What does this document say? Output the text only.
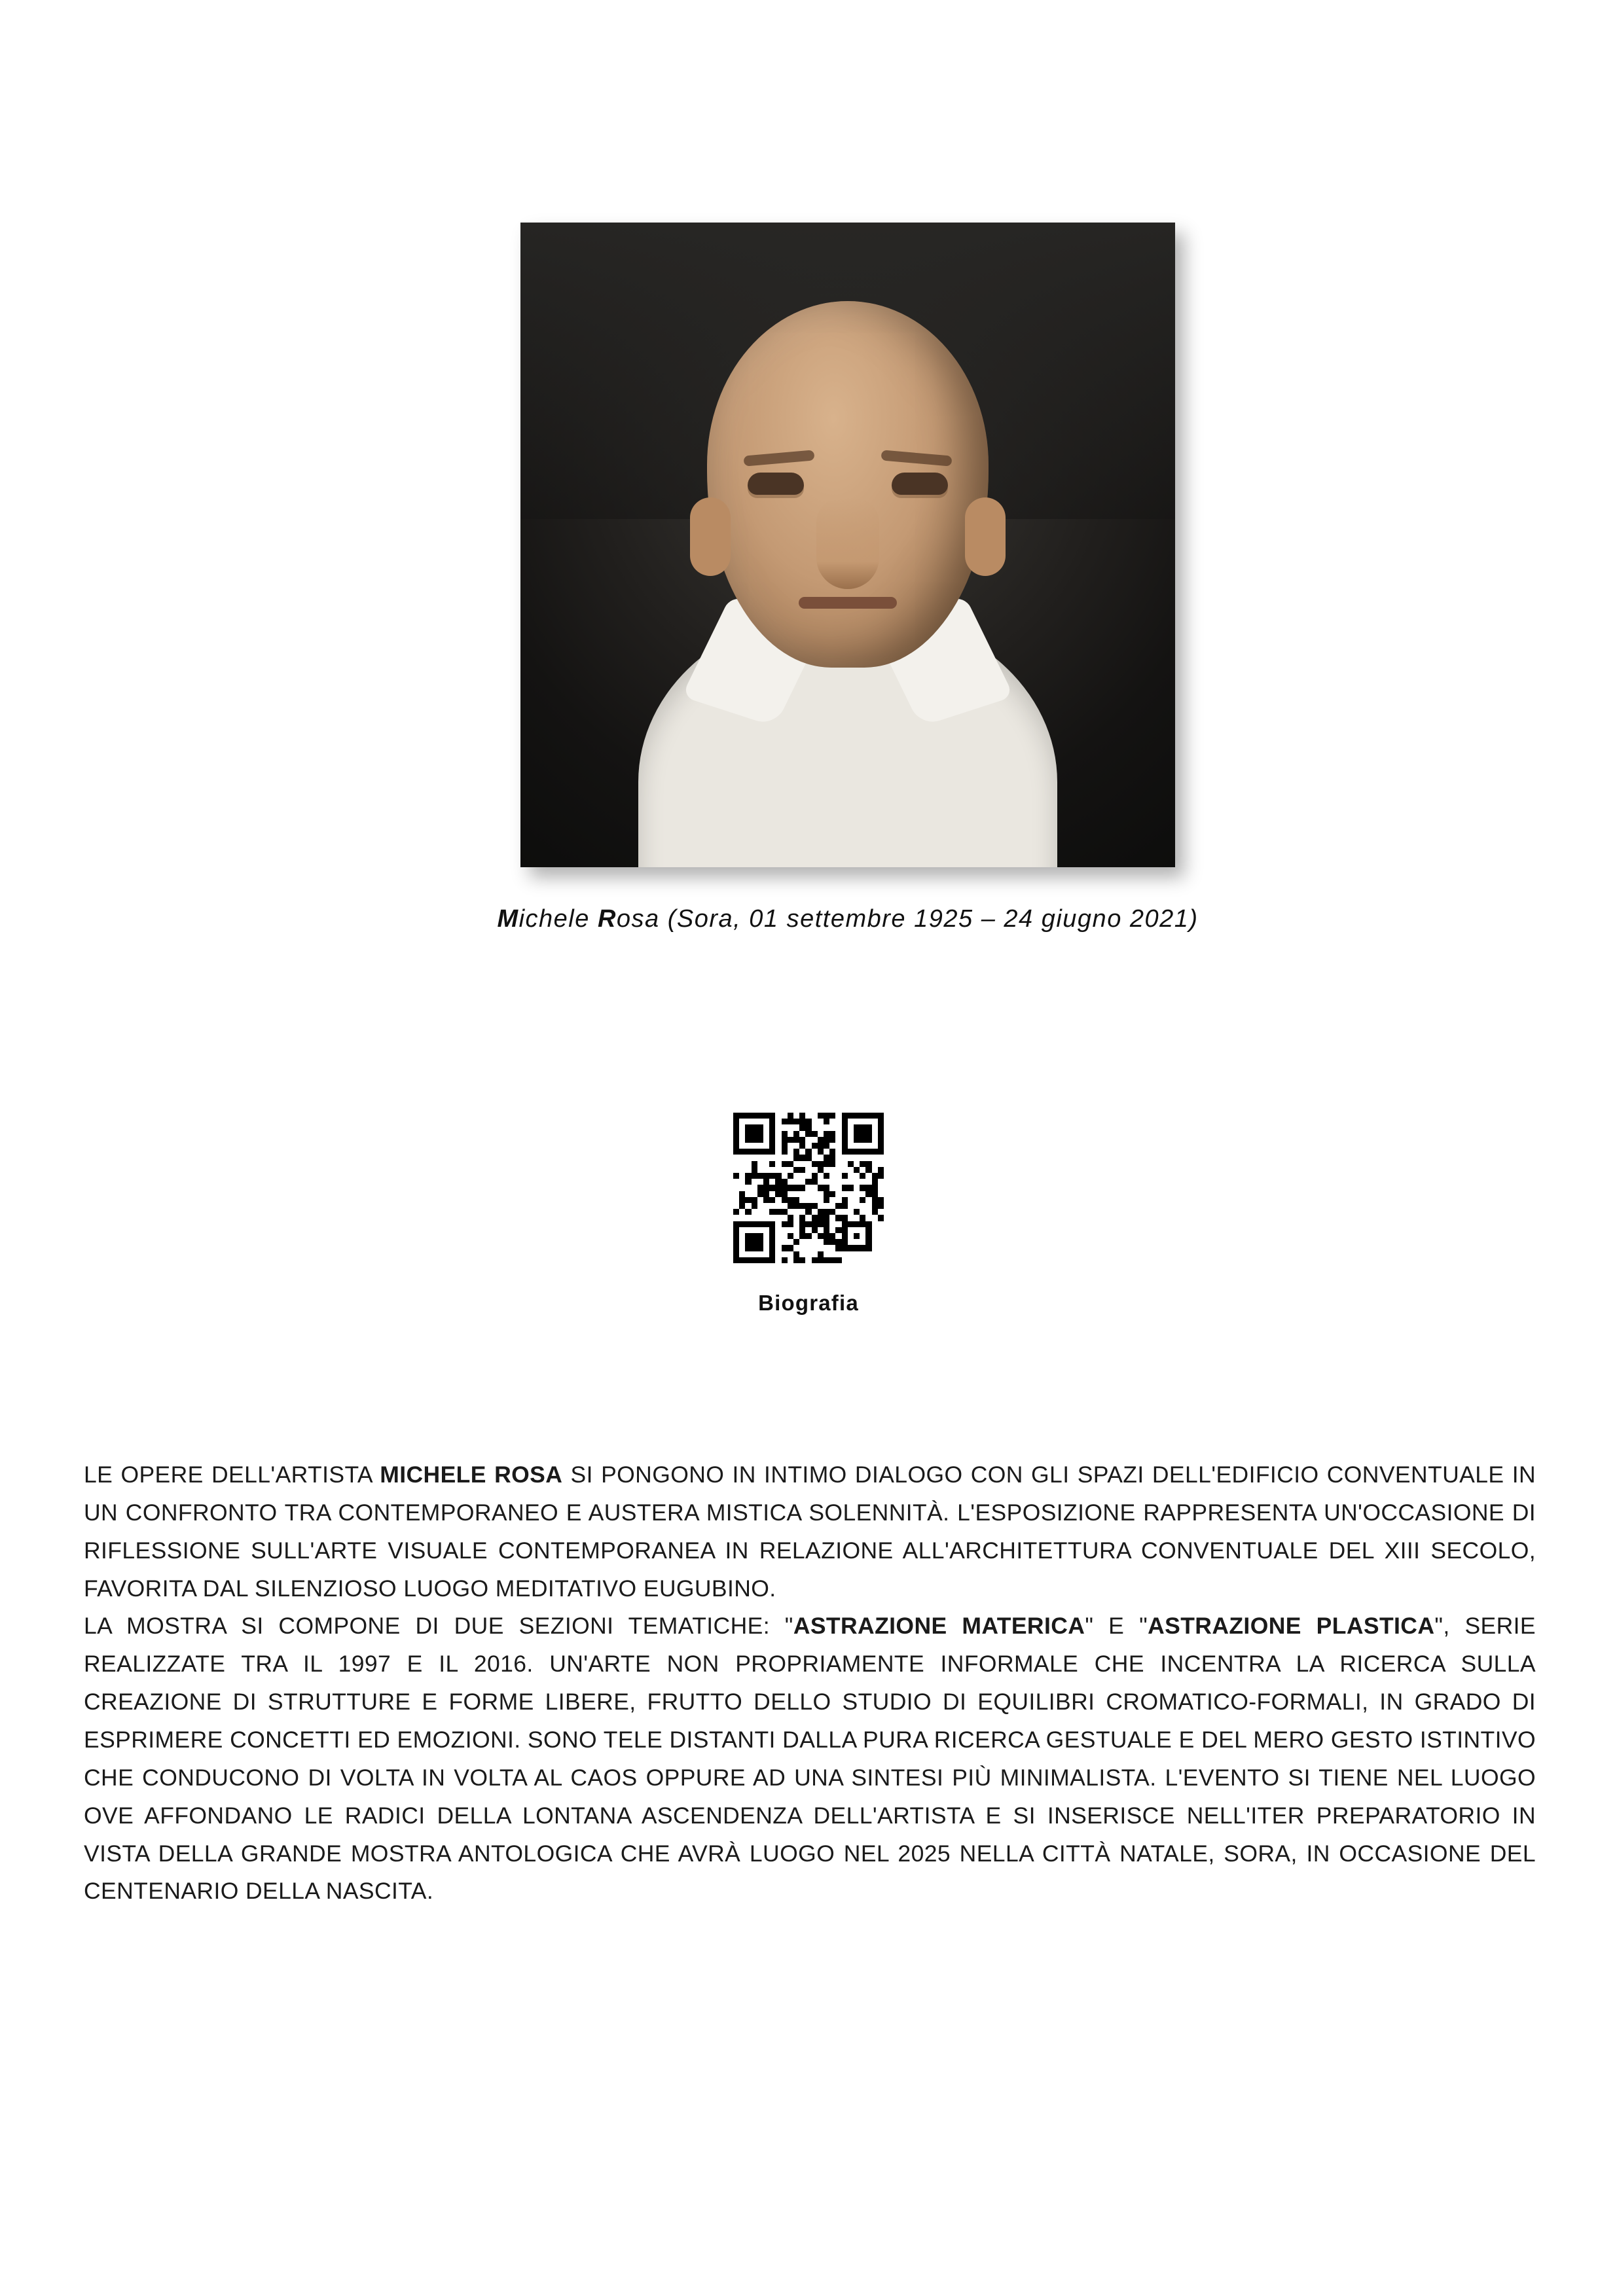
Michele Rosa (Sora, 01 settembre 1925 – 24 giugno 2021)
Biografia

LE OPERE DELL'ARTISTA MICHELE ROSA SI PONGONO IN INTIMO DIALOGO CON GLI SPAZI DELL'EDIFICIO CONVENTUALE IN UN CONFRONTO TRA CONTEMPORANEO E AUSTERA MISTICA SOLENNITÀ. L'ESPOSIZIONE RAPPRESENTA UN'OCCASIONE DI RIFLESSIONE SULL'ARTE VISUALE CONTEMPORANEA IN RELAZIONE ALL'ARCHITETTURA CONVENTUALE DEL XIII SECOLO, FAVORITA DAL SILENZIOSO LUOGO MEDITATIVO EUGUBINO.

LA MOSTRA SI COMPONE DI DUE SEZIONI TEMATICHE: "ASTRAZIONE MATERICA" E "ASTRAZIONE PLASTICA", SERIE REALIZZATE TRA IL 1997 E IL 2016. UN'ARTE NON PROPRIAMENTE INFORMALE CHE INCENTRA LA RICERCA SULLA CREAZIONE DI STRUTTURE E FORME LIBERE, FRUTTO DELLO STUDIO DI EQUILIBRI CROMATICO-FORMALI, IN GRADO DI ESPRIMERE CONCETTI ED EMOZIONI. SONO TELE DISTANTI DALLA PURA RICERCA GESTUALE E DEL MERO GESTO ISTINTIVO CHE CONDUCONO DI VOLTA IN VOLTA AL CAOS OPPURE AD UNA SINTESI PIÙ MINIMALISTA. L'EVENTO SI TIENE NEL LUOGO OVE AFFONDANO LE RADICI DELLA LONTANA ASCENDENZA DELL'ARTISTA E SI INSERISCE NELL'ITER PREPARATORIO IN VISTA DELLA GRANDE MOSTRA ANTOLOGICA CHE AVRÀ LUOGO NEL 2025 NELLA CITTÀ NATALE, SORA, IN OCCASIONE DEL CENTENARIO DELLA NASCITA.
